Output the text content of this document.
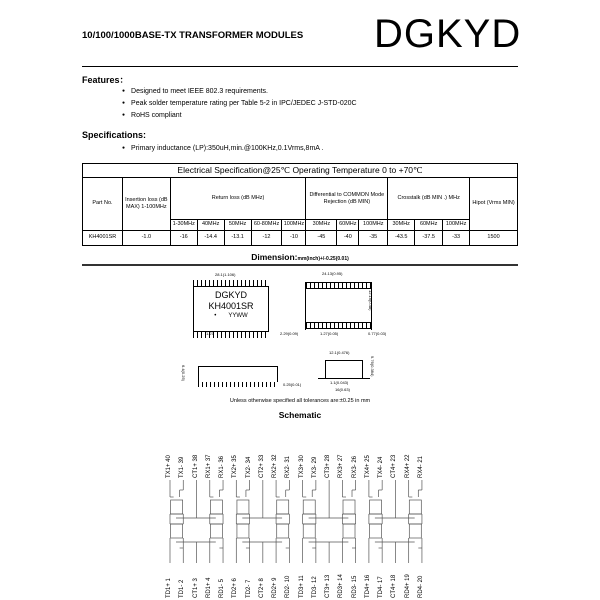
10/100/1000BASE-TX TRANSFORMER MODULES DGKYD
Features：
● Designed to meet IEEE 802.3 requirements.
● Peak solder temperature rating per Table 5-2 in IPC/JEDEC J-STD-020C
● RoHS compliant
Specifications:
● Primary inductance (LP):350uH,min.@100KHz,0.1Vrms,8mA .
Electrical Specification@25℃ Operating Temperature 0 to +70℃													
Part No.	Insertion loss (dB MAX) 1-100MHz	Return loss (dB MHz)					Differential to COMMON Mode Rejection (dB MIN)			Crosstalk (dB MIN .) MHz			Hipot (Vrms MIN)
		1-30MHz	40MHz	50MHz	60-80MHz	100MHz	30MHz	60MHz	100MHz	30MHz	60MHz	100MHz	
KH4001SR	-1.0	-16	-14.4	-13.1	-12	-10	-45	-40	-35	-43.5	-37.5	-33	1500
Dimension:mm(inch)+/-0.25(0.01)
DGKYD
KH4001SR
• YYWW
28.1(1.106)
1.27
24.13(0.95)
12.19(0.48)
2.29(0.09)	1.27(0.05)	0.77(0.03)
12.1(0.476)
9.76(0.384)
1.1(0.043)
16(0.63)
0.25(0.01)
6.4(0.25)
Unless otherwise specified all tolerances are:±0.25 in mm
Schematic
TX1+ 40 TX1- 39 CT1+ 38 RX1+ 37 RX1- 36 TX2+ 35 TX2- 34 CT2+ 33 RX2+ 32 RX2- 31 TX3+ 30 TX3- 29 CT3+ 28 RX3+ 27 RX3- 26 TX4+ 25 TX4- 24 CT4+ 23 RX4+ 22 RX4- 21
TD1+ 1 TD1- 2 CT1+ 3 RD1+ 4 RD1- 5 TD2+ 6 TD2- 7 CT2+ 8 RD2+ 9 RD2- 10 TD3+ 11 TD3- 12 CT3+ 13 RD3+ 14 RD3- 15 TD4+ 16 TD4- 17 CT4+ 18 RD4+ 19 RD4- 20
